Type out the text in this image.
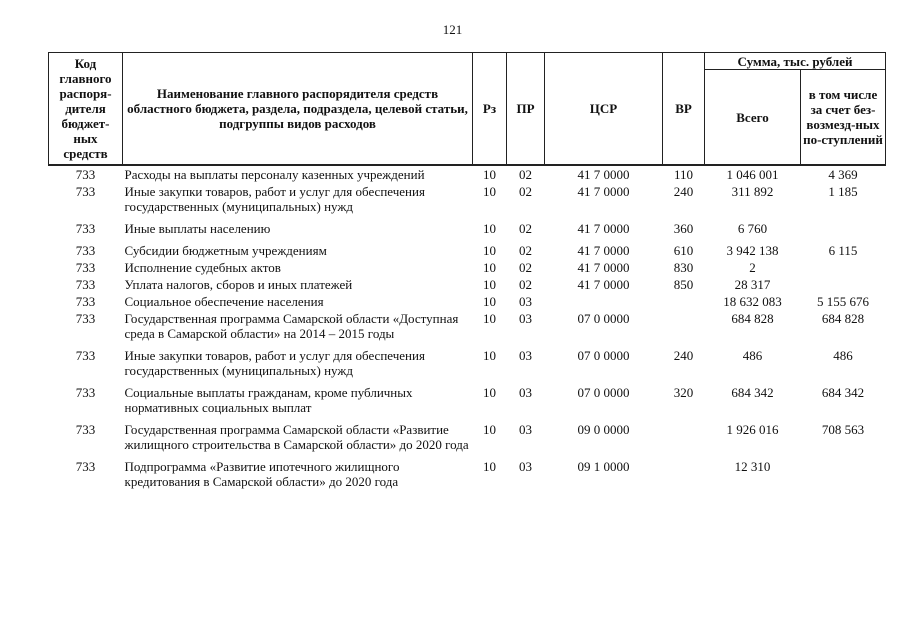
121
Код главного распоря-дителя бюджет-ных средств	Наименование главного распорядителя средств областного бюджета, раздела, подраздела, целевой статьи, подгруппы видов расходов	Рз	ПР	ЦСР	ВР	Сумма, тыс. рублей	
						Всего	в том числе за счет без-возмезд-ных по-ступлений
733	Расходы на выплаты персоналу казенных учреждений	10	02	41 7 0000	110	1 046 001	4 369
733	Иные закупки товаров, работ и услуг для обеспечения государственных (муниципальных) нужд	10	02	41 7 0000	240	311 892	1 185
733	Иные выплаты населению	10	02	41 7 0000	360	6 760	
733	Субсидии бюджетным учреждениям	10	02	41 7 0000	610	3 942 138	6 115
733	Исполнение судебных актов	10	02	41 7 0000	830	2	
733	Уплата налогов, сборов и иных платежей	10	02	41 7 0000	850	28 317	
733	Социальное обеспечение населения	10	03			18 632 083	5 155 676
733	Государственная программа Самарской области «Доступная среда в Самарской области» на 2014 – 2015 годы	10	03	07 0 0000		684 828	684 828
733	Иные закупки товаров, работ и услуг для обеспечения государственных (муниципальных) нужд	10	03	07 0 0000	240	486	486
733	Социальные выплаты гражданам, кроме публичных нормативных социальных выплат	10	03	07 0 0000	320	684 342	684 342
733	Государственная программа Самарской области «Развитие жилищного строительства в Самарской области» до 2020 года	10	03	09 0 0000		1 926 016	708 563
733	Подпрограмма «Развитие ипотечного жилищного кредитования в Самарской области» до 2020 года	10	03	09 1 0000		12 310	
